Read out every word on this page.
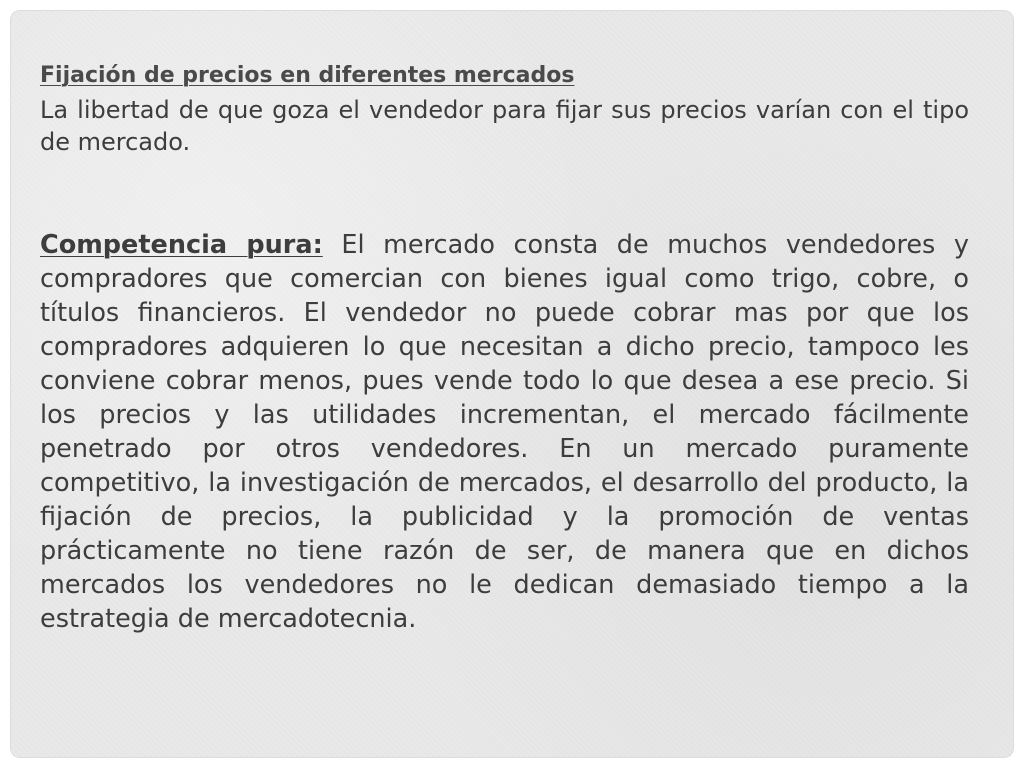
Fijación de precios en diferentes mercados

La libertad de que goza el vendedor para fijar sus precios varían con el tipo de mercado.

Competencia pura: El mercado consta de muchos vendedores y compradores que comercian con bienes igual como trigo, cobre, o títulos financieros. El vendedor no puede cobrar mas por que los compradores adquieren lo que necesitan a dicho precio, tampoco les conviene cobrar menos, pues vende todo lo que desea a ese precio. Si los precios y las utilidades incrementan, el mercado fácilmente penetrado por otros vendedores. En un mercado puramente competitivo, la investigación de mercados, el desarrollo del producto, la fijación de precios, la publicidad y la promoción de ventas prácticamente no tiene razón de ser, de manera que en dichos mercados los vendedores no le dedican demasiado tiempo a la estrategia de mercadotecnia.
